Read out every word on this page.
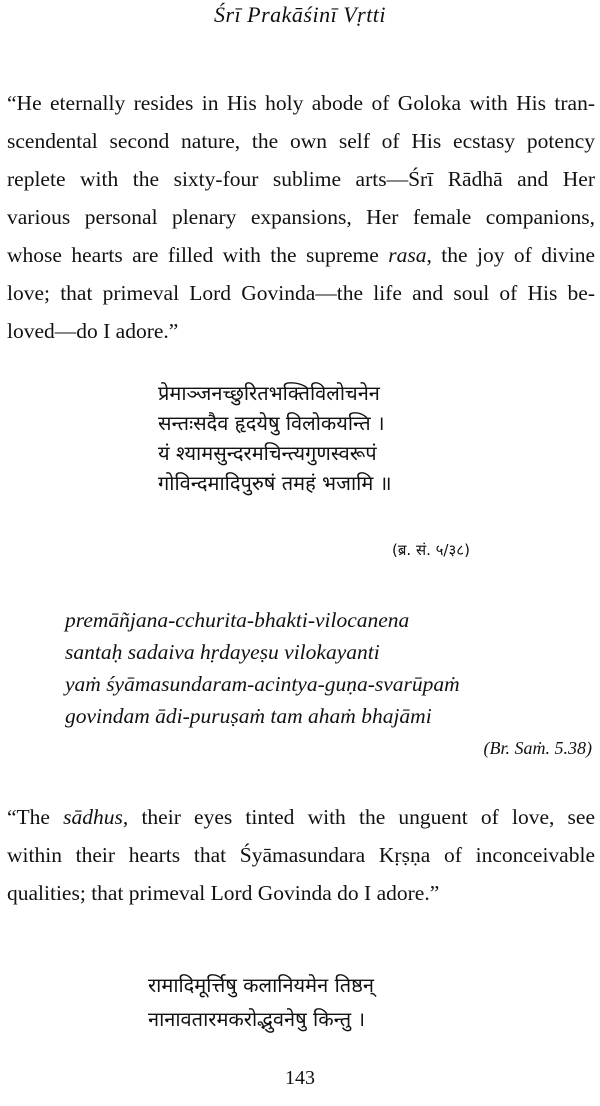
Śrī Prakāśinī Vṛtti
“He eternally resides in His holy abode of Goloka with His tran-
scendental second nature, the own self of His ecstasy potency
replete with the sixty-four sublime arts—Śrī Rādhā and Her
various personal plenary expansions, Her female companions,
whose hearts are filled with the supreme rasa, the joy of divine
love; that primeval Lord Govinda—the life and soul of His be-
loved—do I adore.”
प्रेमाञ्जनच्छुरितभक्तिविलोचनेन
सन्तःसदैव हृदयेषु विलोकयन्ति ।
यं श्यामसुन्दरमचिन्त्यगुणस्वरूपं
गोविन्दमादिपुरुषं तमहं भजामि ॥
(ब्र. सं. ५/३८)
premāñjana-cchurita-bhakti-vilocanena
santaḥ sadaiva hṛdayeṣu vilokayanti
yaṁ śyāmasundaram-acintya-guṇa-svarūpaṁ
govindam ādi-puruṣaṁ tam ahaṁ bhajāmi
(Br. Saṁ. 5.38)
“The sādhus, their eyes tinted with the unguent of love, see
within their hearts that Śyāmasundara Kṛṣṇa of inconceivable
qualities; that primeval Lord Govinda do I adore.”
रामादिमूर्त्तिषु कलानियमेन तिष्ठन्
नानावतारमकरोद्भुवनेषु किन्तु ।
143
